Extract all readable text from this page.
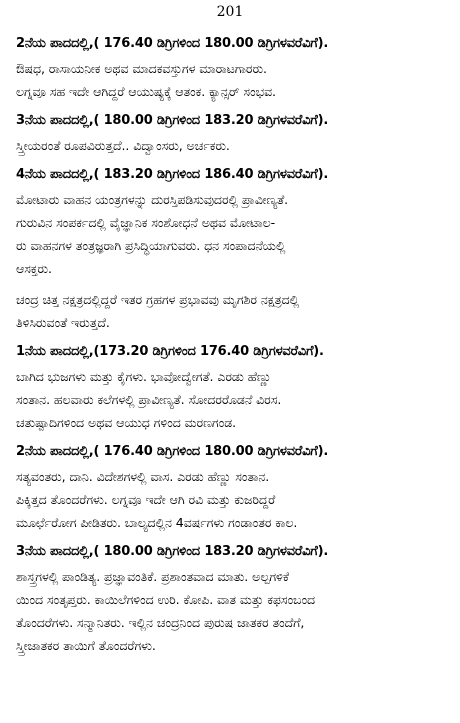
201
2ನೆಯ ಪಾದದಲ್ಲಿ,( 176.40 ಡಿಗ್ರಿಗಳಿಂದ 180.00 ಡಿಗ್ರಿಗಳವರೆವಿಗೆ).
ಔಷಧ, ರಾಸಾಯನೀಕ ಅಥವ ಮಾದಕವಸ್ತುಗಳ ಮಾರಾಟಗಾರರು.
ಲಗ್ನವೂ ಸಹ ಇದೇ ಆಗಿದ್ದರೆ ಆಯುಷ್ಯಕ್ಕೆ ಆತಂಕ. ಕ್ಯಾನ್ಸರ್ ಸಂಭವ.
3ನೆಯ ಪಾದದಲ್ಲಿ,( 180.00 ಡಿಗ್ರಿಗಳಿಂದ 183.20 ಡಿಗ್ರಿಗಳವರೆವಿಗೆ).
ಸ್ತ್ರೀಯರಂತೆ ರೂಪವಿರುತ್ತದೆ.. ವಿದ್ವಾಂಸರು, ಅರ್ಚಕರು.
4ನೆಯ ಪಾದದಲ್ಲಿ,( 183.20 ಡಿಗ್ರಿಗಳಿಂದ 186.40 ಡಿಗ್ರಿಗಳವರೆವಿಗೆ).
ಮೋಟಾರು ವಾಹನ ಯಂತ್ರಗಳನ್ನು ದುರಸ್ತಿಪಡಿಸುವುದರಲ್ಲಿ ಪ್ರಾವೀಣ್ಯತೆ.
ಗುರುವಿನ ಸಂಪರ್ಕದಲ್ಲಿ ವೈಜ್ಞಾನಿಕ ಸಂಶೋಧನೆ ಅಥವ ಮೋಟಾಲ-
ರು ವಾಹನಗಳ ತಂತ್ರಜ್ಞರಾಗಿ ಪ್ರಸಿದ್ಧಿಯಾಗುವರು. ಧನ ಸಂಪಾದನೆಯಲ್ಲಿ
ಆಸಕ್ತರು.
ಚಂದ್ರ ಚಿತ್ತ ನಕ್ಷತ್ರದಲ್ಲಿದ್ದರೆ ಇತರ ಗ್ರಹಗಳ ಪ್ರಭಾವವು ಮೃಗಶಿರ ನಕ್ಷತ್ರದಲ್ಲಿ
ತಿಳಿಸಿರುವಂತೆ ಇರುತ್ತದೆ.
1ನೆಯ ಪಾದದಲ್ಲಿ,(173.20 ಡಿಗ್ರಿಗಳಿಂದ 176.40 ಡಿಗ್ರಿಗಳವರೆವಿಗೆ).
ಬಾಗಿದ ಭುಜಗಳು ಮತ್ತು ಕೈಗಳು. ಭಾವೋದ್ವೇಗತೆ. ಎರಡು ಹೆಣ್ಣು
ಸಂತಾನ. ಹಲವಾರು ಕಲೆಗಳಲ್ಲಿ ಪ್ರಾವೀಣ್ಯತೆ. ಸೋದರರೊಡನೆ ವಿರಸ.
ಚತುಷ್ಪಾದಿಗಳಿಂದ ಅಥವ ಆಯುಧ ಗಳಿಂದ ಮರಣಗಂಡ.
2ನೆಯ ಪಾದದಲ್ಲಿ,( 176.40 ಡಿಗ್ರಿಗಳಿಂದ 180.00 ಡಿಗ್ರಿಗಳವರೆವಿಗೆ).
ಸತ್ಯವಂತರು, ದಾನಿ. ವಿದೇಶಗಳಲ್ಲಿ ವಾಸ. ಎರಡು ಹೆಣ್ಣು ಸಂತಾನ.
ಪಿಕ್ಕಿತ್ತದ ತೊಂದರೆಗಳು. ಲಗ್ನವೂ ಇದೇ ಆಗಿ ರವಿ ಮತ್ತು ಕುಜರಿದ್ದರೆ
ಮೂರ್ಛೆರೋಗ ಪೀಡಿತರು. ಬಾಲ್ಯದಲ್ಲಿನ 4ವರ್ಷಗಳು ಗಂಡಾಂತರ ಕಾಲ.
3ನೆಯ ಪಾದದಲ್ಲಿ,( 180.00 ಡಿಗ್ರಿಗಳಿಂದ 183.20 ಡಿಗ್ರಿಗಳವರೆವಿಗೆ).
ಶಾಸ್ತ್ರಗಳಲ್ಲಿ ಪಾಂಡಿತ್ಯ. ಪ್ರಜ್ಞಾವಂತಿಕೆ. ಪ್ರಶಾಂತವಾದ ಮಾತು. ಅಲ್ಪಗಳಿಕೆ
ಯಿಂದ ಸಂತೃಪ್ತರು. ಕಾಯಿಲೆಗಳಿಂದ ಉರಿ. ಕೋಪಿ. ವಾತ ಮತ್ತು ಕಫಸಂಬಂದ
ತೊಂದರೆಗಳು. ಸನ್ಮಾನಿತರು. ಇಲ್ಲಿನ ಚಂದ್ರನಿಂದ ಪುರುಷ ಜಾತಕರ ತಂದೆಗೆ,
ಸ್ತ್ರೀಜಾತಕರ ತಾಯಿಗೆ ತೊಂದರೆಗಳು.
